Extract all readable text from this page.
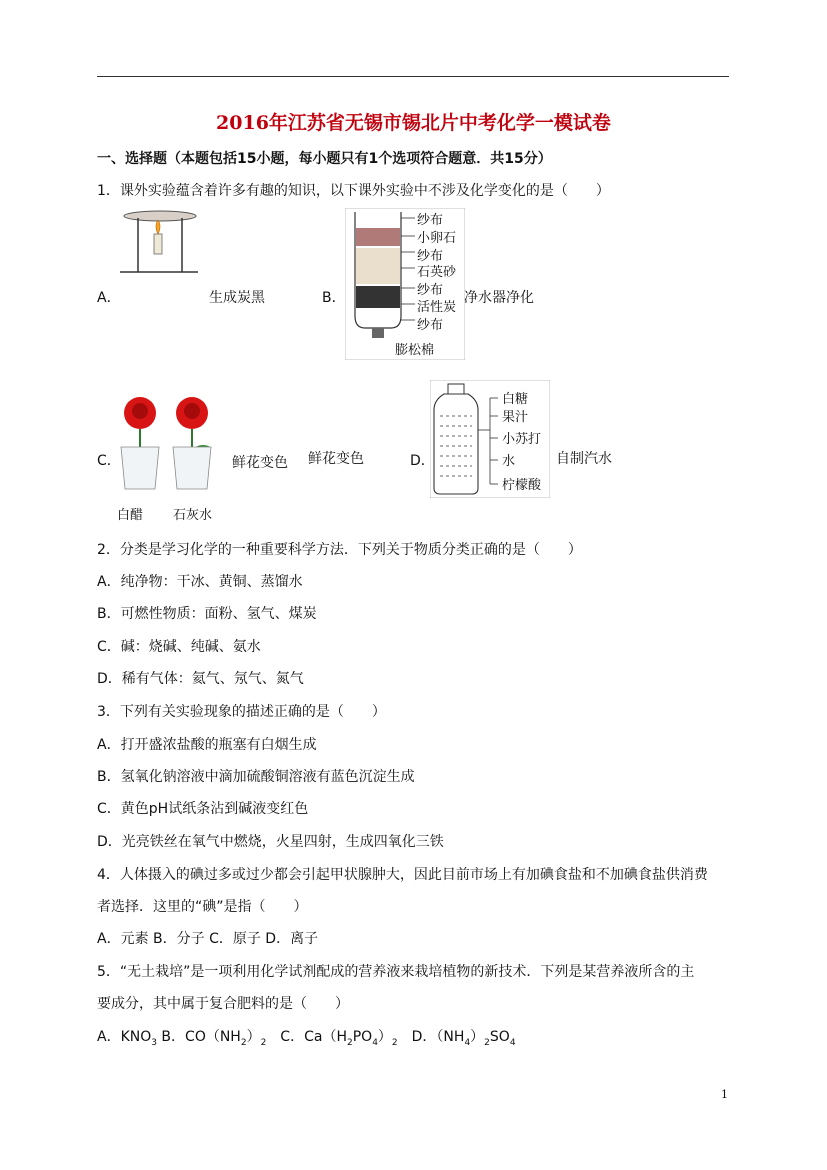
2016年江苏省无锡市锡北片中考化学一模试卷
一、选择题（本题包括15小题，每小题只有1个选项符合题意．共15分）
1．课外实验蕴含着许多有趣的知识，以下课外实验中不涉及化学变化的是（　　）
A．	生成炭黑
纱布
小卵石
纱布
石英砂
纱布
活性炭
纱布
膨松棉
B．	净水器净化
白醋 石灰水
C．	鲜花变色 鲜花变色
白糖
果汁
小苏打
水
柠檬酸
D．	自制汽水
2．分类是学习化学的一种重要科学方法．下列关于物质分类正确的是（　　）
A．纯净物：干冰、黄铜、蒸馏水
B．可燃性物质：面粉、氢气、煤炭
C．碱：烧碱、纯碱、氨水
D．稀有气体：氦气、氖气、氮气
3．下列有关实验现象的描述正确的是（　　）
A．打开盛浓盐酸的瓶塞有白烟生成
B．氢氧化钠溶液中滴加硫酸铜溶液有蓝色沉淀生成
C．黄色pH试纸条沾到碱液变红色
D．光亮铁丝在氧气中燃烧，火星四射，生成四氧化三铁
4．人体摄入的碘过多或过少都会引起甲状腺肿大，因此目前市场上有加碘食盐和不加碘食盐供消费
者选择．这里的“碘”是指（　　）
A．元素 B．分子 C．原子 D．离子
5．“无土栽培”是一项利用化学试剂配成的营养液来栽培植物的新技术．下列是某营养液所含的主
要成分，其中属于复合肥料的是（　　）
A．$KNO_3$ B．$CO(NH_2)_2$　C．$Ca(H_2PO_4)_2$　D．$(NH_4)_2SO_4$
1
